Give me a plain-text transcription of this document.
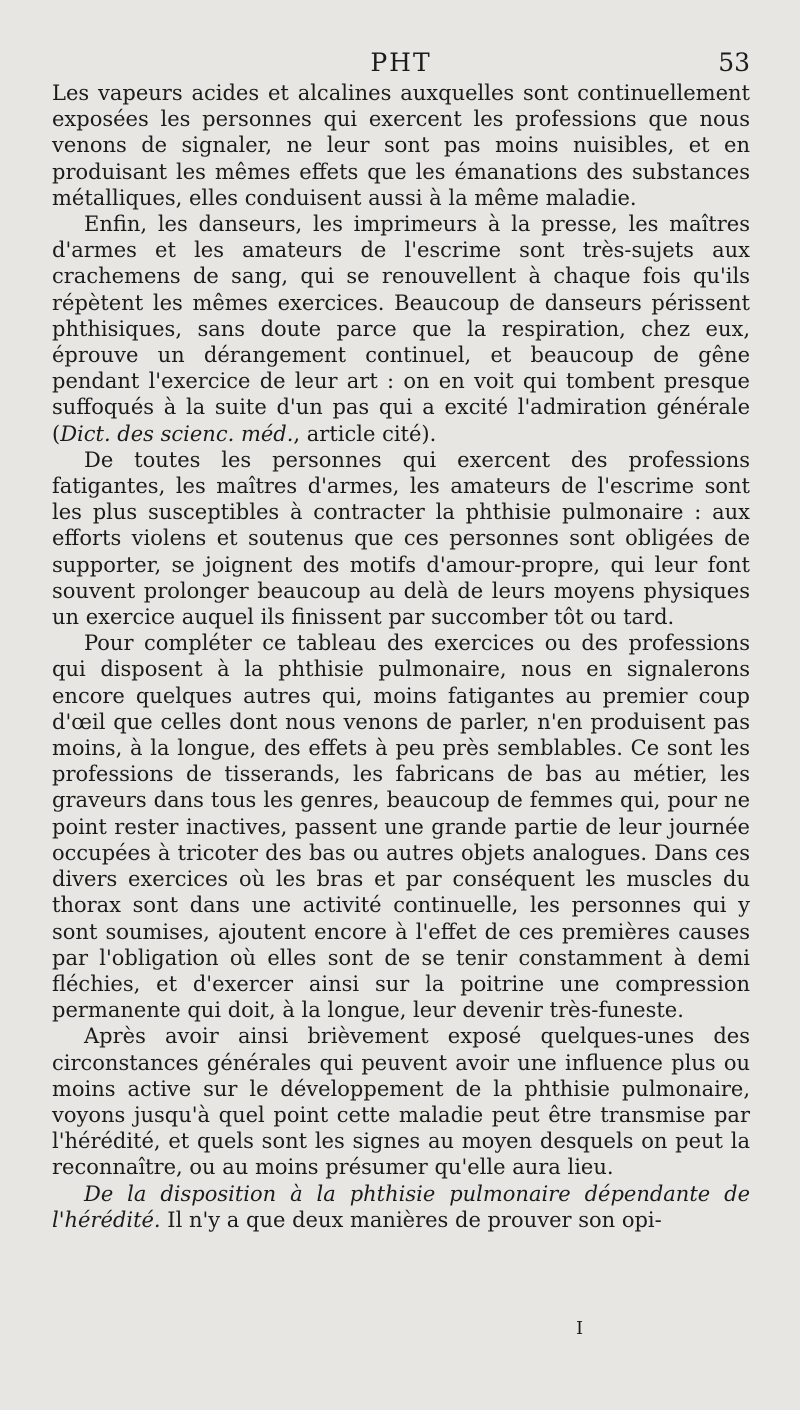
PHT	53

Les vapeurs acides et alcalines auxquelles sont continuellement exposées les personnes qui exercent les professions que nous venons de signaler, ne leur sont pas moins nuisibles, et en produisant les mêmes effets que les émanations des substances métalliques, elles conduisent aussi à la même maladie.

Enfin, les danseurs, les imprimeurs à la presse, les maîtres d'armes et les amateurs de l'escrime sont très-sujets aux crachemens de sang, qui se renouvellent à chaque fois qu'ils répètent les mêmes exercices. Beaucoup de danseurs périssent phthisiques, sans doute parce que la respiration, chez eux, éprouve un dérangement continuel, et beaucoup de gêne pendant l'exercice de leur art : on en voit qui tombent presque suffoqués à la suite d'un pas qui a excité l'admiration générale (Dict. des scienc. méd., article cité).

De toutes les personnes qui exercent des professions fatigantes, les maîtres d'armes, les amateurs de l'escrime sont les plus susceptibles à contracter la phthisie pulmonaire : aux efforts violens et soutenus que ces personnes sont obligées de supporter, se joignent des motifs d'amour-propre, qui leur font souvent prolonger beaucoup au delà de leurs moyens physiques un exercice auquel ils finissent par succomber tôt ou tard.

Pour compléter ce tableau des exercices ou des professions qui disposent à la phthisie pulmonaire, nous en signalerons encore quelques autres qui, moins fatigantes au premier coup d'œil que celles dont nous venons de parler, n'en produisent pas moins, à la longue, des effets à peu près semblables. Ce sont les professions de tisserands, les fabricans de bas au métier, les graveurs dans tous les genres, beaucoup de femmes qui, pour ne point rester inactives, passent une grande partie de leur journée occupées à tricoter des bas ou autres objets analogues. Dans ces divers exercices où les bras et par conséquent les muscles du thorax sont dans une activité continuelle, les personnes qui y sont soumises, ajoutent encore à l'effet de ces premières causes par l'obligation où elles sont de se tenir constamment à demi fléchies, et d'exercer ainsi sur la poitrine une compression permanente qui doit, à la longue, leur devenir très-funeste.

Après avoir ainsi brièvement exposé quelques-unes des circonstances générales qui peuvent avoir une influence plus ou moins active sur le développement de la phthisie pulmonaire, voyons jusqu'à quel point cette maladie peut être transmise par l'hérédité, et quels sont les signes au moyen desquels on peut la reconnaître, ou au moins présumer qu'elle aura lieu.

De la disposition à la phthisie pulmonaire dépendante de l'hérédité. Il n'y a que deux manières de prouver son opi-

I
